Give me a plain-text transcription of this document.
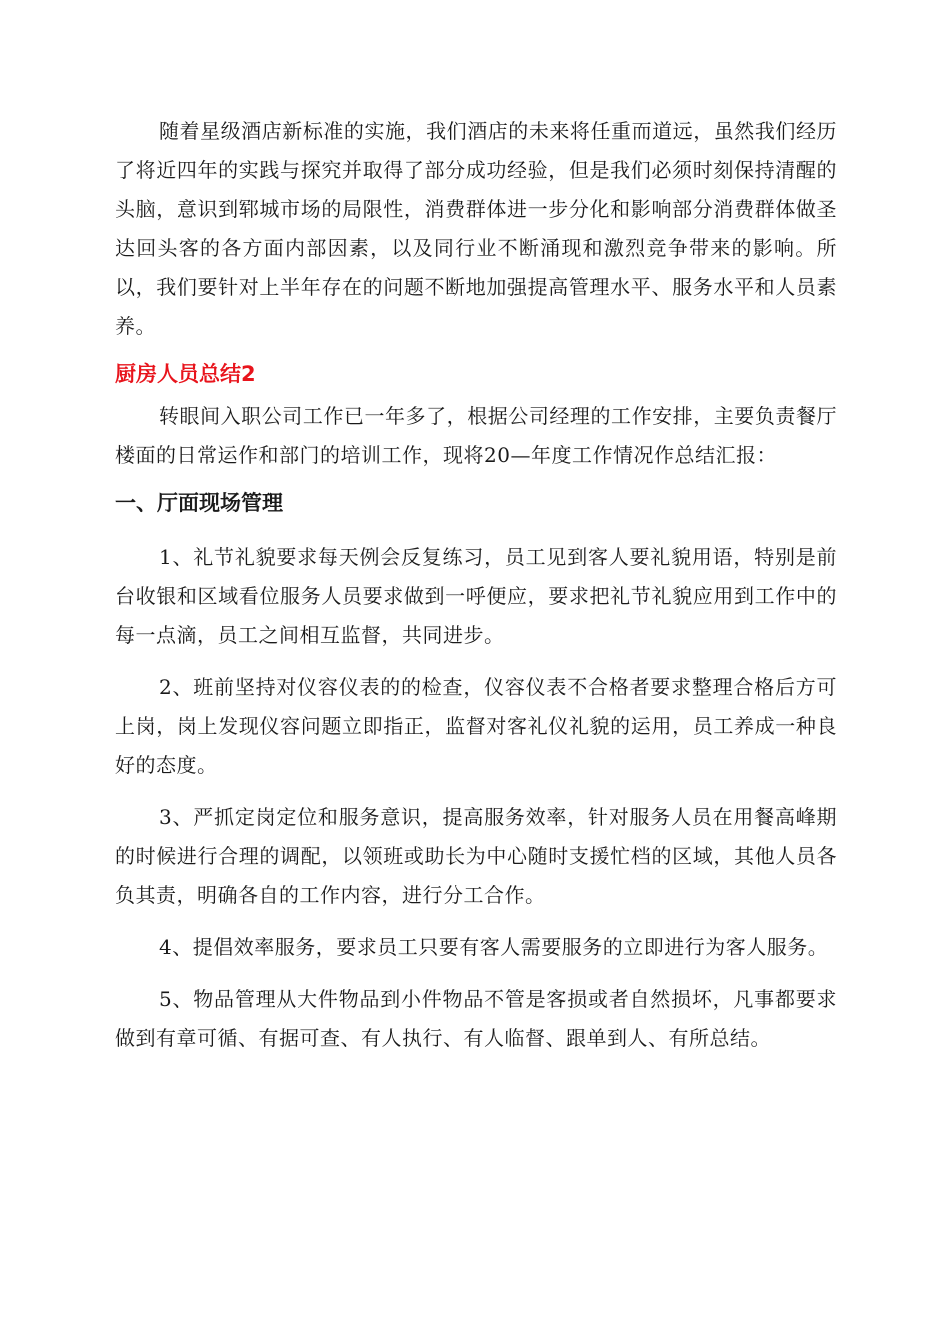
随着星级酒店新标准的实施，我们酒店的未来将任重而道远，虽然我们经历了将近四年的实践与探究并取得了部分成功经验，但是我们必须时刻保持清醒的头脑，意识到郓城市场的局限性，消费群体进一步分化和影响部分消费群体做圣达回头客的各方面内部因素，以及同行业不断涌现和激烈竞争带来的影响。所以，我们要针对上半年存在的问题不断地加强提高管理水平、服务水平和人员素养。

厨房人员总结2

转眼间入职公司工作已一年多了，根据公司经理的工作安排，主要负责餐厅楼面的日常运作和部门的培训工作，现将20—年度工作情况作总结汇报：

一、厅面现场管理

1、礼节礼貌要求每天例会反复练习，员工见到客人要礼貌用语，特别是前台收银和区域看位服务人员要求做到一呼便应，要求把礼节礼貌应用到工作中的每一点滴，员工之间相互监督，共同进步。

2、班前坚持对仪容仪表的的检查，仪容仪表不合格者要求整理合格后方可上岗，岗上发现仪容问题立即指正，监督对客礼仪礼貌的运用，员工养成一种良好的态度。

3、严抓定岗定位和服务意识，提高服务效率，针对服务人员在用餐高峰期的时候进行合理的调配，以领班或助长为中心随时支援忙档的区域，其他人员各负其责，明确各自的工作内容，进行分工合作。

4、提倡效率服务，要求员工只要有客人需要服务的立即进行为客人服务。

5、物品管理从大件物品到小件物品不管是客损或者自然损坏，凡事都要求做到有章可循、有据可查、有人执行、有人临督、跟单到人、有所总结。
